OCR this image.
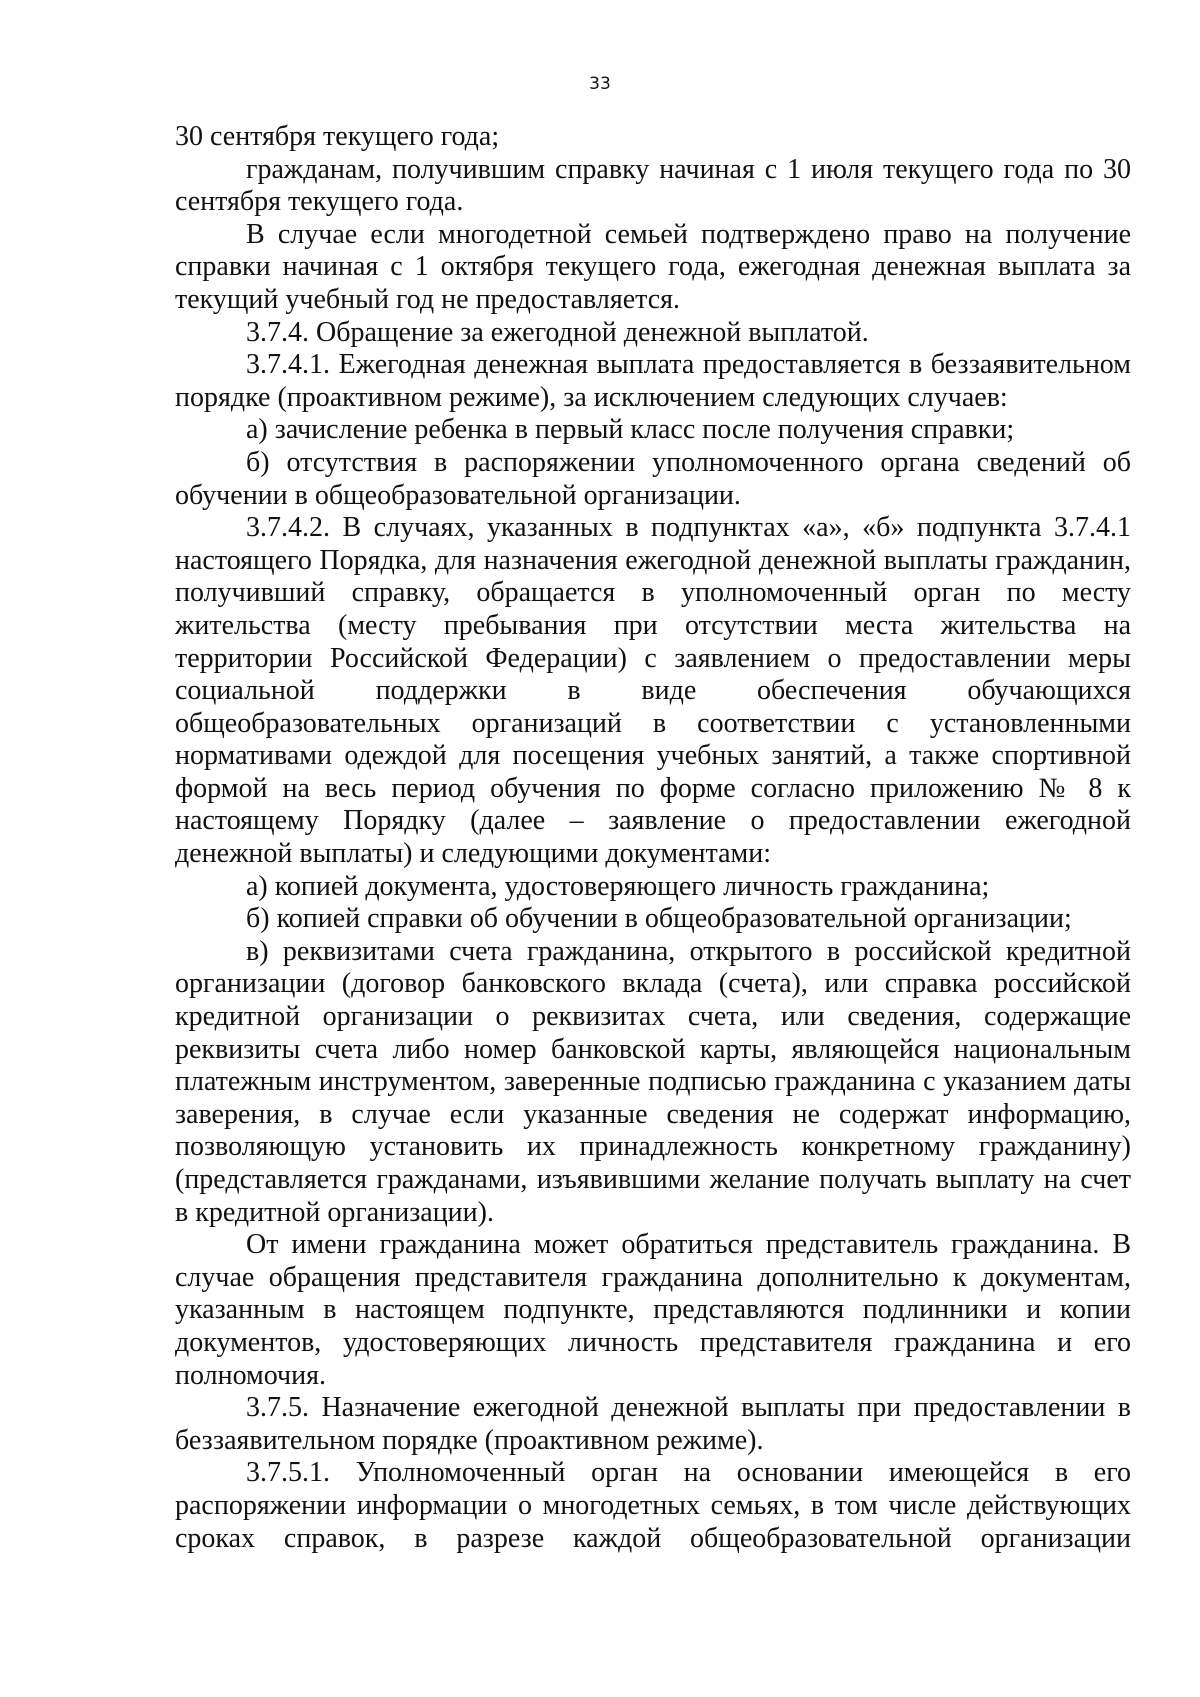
33

30 сентября текущего года;

гражданам, получившим справку начиная с 1 июля текущего года по 30 сентября текущего года.

В случае если многодетной семьей подтверждено право на получение справки начиная с 1 октября текущего года, ежегодная денежная выплата за текущий учебный год не предоставляется.

3.7.4. Обращение за ежегодной денежной выплатой.

3.7.4.1. Ежегодная денежная выплата предоставляется в беззаявительном порядке (проактивном режиме), за исключением следующих случаев:

а) зачисление ребенка в первый класс после получения справки;

б) отсутствия в распоряжении уполномоченного органа сведений об обучении в общеобразовательной организации.

3.7.4.2. В случаях, указанных в подпунктах «а», «б» подпункта 3.7.4.1 настоящего Порядка, для назначения ежегодной денежной выплаты гражданин, получивший справку, обращается в уполномоченный орган по месту жительства (месту пребывания при отсутствии места жительства на территории Российской Федерации) с заявлением о предоставлении меры социальной поддержки в виде обеспечения обучающихся общеобразовательных организаций в соответствии с установленными нормативами одеждой для посещения учебных занятий, а также спортивной формой на весь период обучения по форме согласно приложению № 8 к настоящему Порядку (далее – заявление о предоставлении ежегодной денежной выплаты) и следующими документами:

а) копией документа, удостоверяющего личность гражданина;

б) копией справки об обучении в общеобразовательной организации;

в) реквизитами счета гражданина, открытого в российской кредитной организации (договор банковского вклада (счета), или справка российской кредитной организации о реквизитах счета, или сведения, содержащие реквизиты счета либо номер банковской карты, являющейся национальным платежным инструментом, заверенные подписью гражданина с указанием даты заверения, в случае если указанные сведения не содержат информацию, позволяющую установить их принадлежность конкретному гражданину) (представляется гражданами, изъявившими желание получать выплату на счет в кредитной организации).

От имени гражданина может обратиться представитель гражданина. В случае обращения представителя гражданина дополнительно к документам, указанным в настоящем подпункте, представляются подлинники и копии документов, удостоверяющих личность представителя гражданина и его полномочия.

3.7.5. Назначение ежегодной денежной выплаты при предоставлении в беззаявительном порядке (проактивном режиме).

3.7.5.1. Уполномоченный орган на основании имеющейся в его распоряжении информации о многодетных семьях, в том числе действующих сроках справок, в разрезе каждой общеобразовательной организации
